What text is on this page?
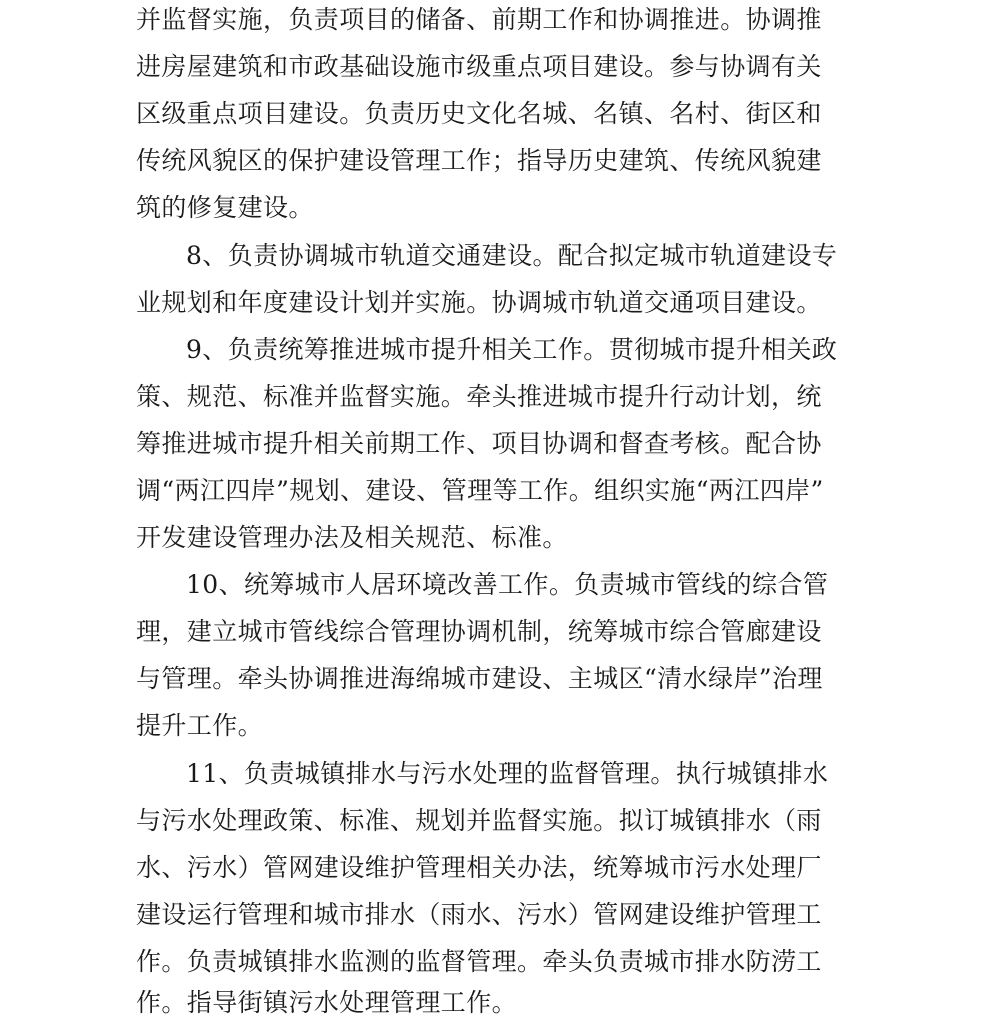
并监督实施，负责项目的储备、前期工作和协调推进。协调推
进房屋建筑和市政基础设施市级重点项目建设。参与协调有关
区级重点项目建设。负责历史文化名城、名镇、名村、街区和
传统风貌区的保护建设管理工作；指导历史建筑、传统风貌建
筑的修复建设。
8、负责协调城市轨道交通建设。配合拟定城市轨道建设专
业规划和年度建设计划并实施。协调城市轨道交通项目建设。
9、负责统筹推进城市提升相关工作。贯彻城市提升相关政
策、规范、标准并监督实施。牵头推进城市提升行动计划，统
筹推进城市提升相关前期工作、项目协调和督查考核。配合协
调“两江四岸”规划、建设、管理等工作。组织实施“两江四岸”
开发建设管理办法及相关规范、标准。
10、统筹城市人居环境改善工作。负责城市管线的综合管
理，建立城市管线综合管理协调机制，统筹城市综合管廊建设
与管理。牵头协调推进海绵城市建设、主城区“清水绿岸”治理
提升工作。
11、负责城镇排水与污水处理的监督管理。执行城镇排水
与污水处理政策、标准、规划并监督实施。拟订城镇排水（雨
水、污水）管网建设维护管理相关办法，统筹城市污水处理厂
建设运行管理和城市排水（雨水、污水）管网建设维护管理工
作。负责城镇排水监测的监督管理。牵头负责城市排水防涝工
作。指导街镇污水处理管理工作。
